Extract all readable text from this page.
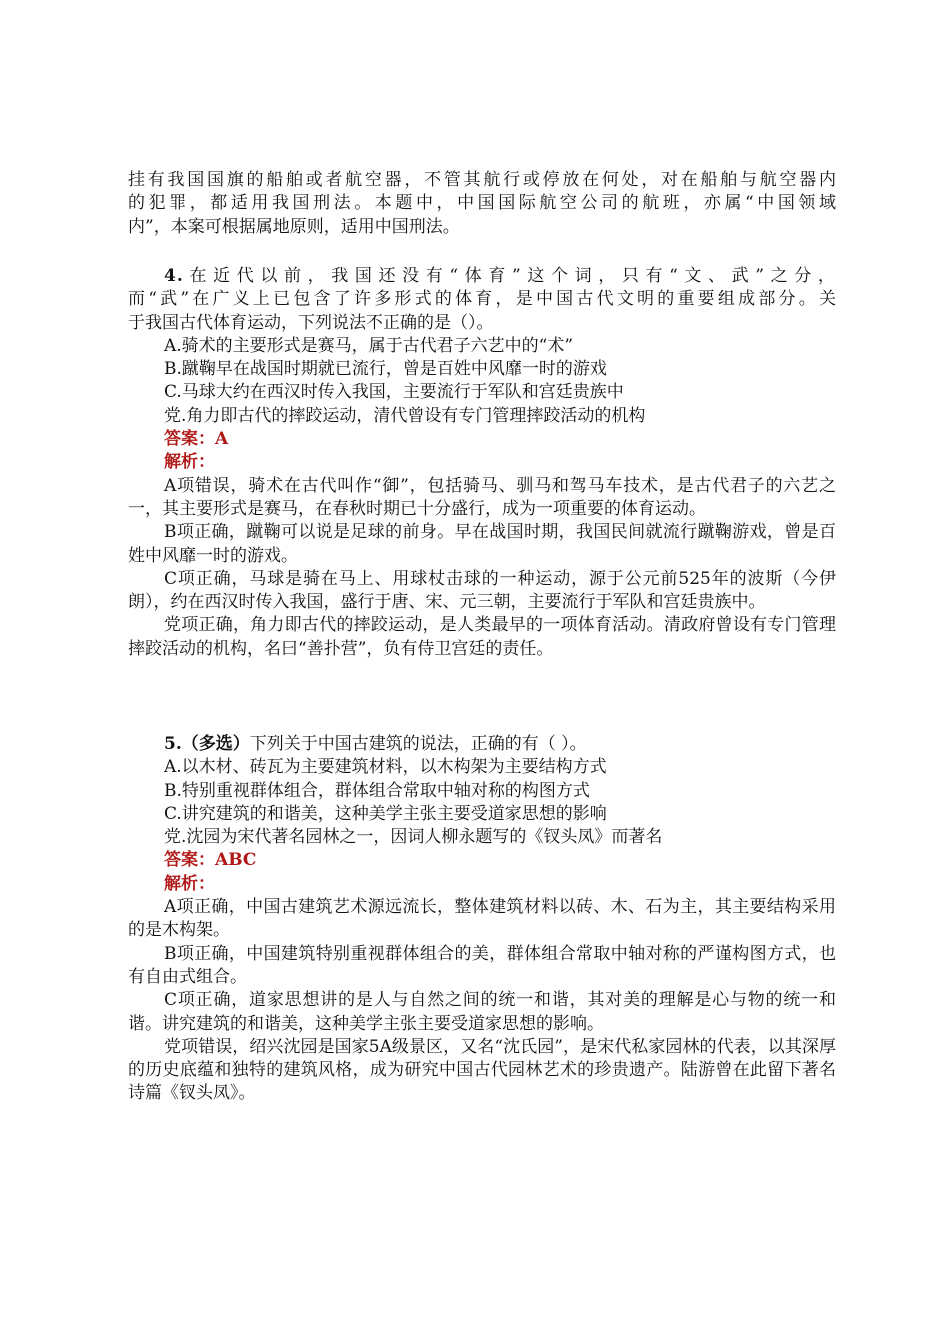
挂有我国国旗的船舶或者航空器，不管其航行或停放在何处，对在船舶与航空器内

的犯罪，都适用我国刑法。本题中，中国国际航空公司的航班，亦属“中国领域

内”，本案可根据属地原则，适用中国刑法。

4.在近代以前，我国还没有“体育”这个词，只有“文、武”之分，

而“武”在广义上已包含了许多形式的体育，是中国古代文明的重要组成部分。关

于我国古代体育运动，下列说法不正确的是（）。

A.骑术的主要形式是赛马，属于古代君子六艺中的“术”

B.蹴鞠早在战国时期就已流行，曾是百姓中风靡一时的游戏

C.马球大约在西汉时传入我国，主要流行于军队和宫廷贵族中

党.角力即古代的摔跤运动，清代曾设有专门管理摔跤活动的机构

答案：A

解析：

A项错误，骑术在古代叫作“御”，包括骑马、驯马和驾马车技术，是古代君子的六艺之一，其主要形式是赛马，在春秋时期已十分盛行，成为一项重要的体育运动。

B项正确，蹴鞠可以说是足球的前身。早在战国时期，我国民间就流行蹴鞠游戏，曾是百姓中风靡一时的游戏。

C项正确，马球是骑在马上、用球杖击球的一种运动，源于公元前525年的波斯（今伊朗），约在西汉时传入我国，盛行于唐、宋、元三朝，主要流行于军队和宫廷贵族中。

党项正确，角力即古代的摔跤运动，是人类最早的一项体育活动。清政府曾设有专门管理摔跤活动的机构，名曰“善扑营”，负有侍卫宫廷的责任。

5.（多选）下列关于中国古建筑的说法，正确的有（ ）。

A.以木材、砖瓦为主要建筑材料，以木构架为主要结构方式

B.特别重视群体组合，群体组合常取中轴对称的构图方式

C.讲究建筑的和谐美，这种美学主张主要受道家思想的影响

党.沈园为宋代著名园林之一，因词人柳永题写的《钗头凤》而著名

答案：ABC

解析：

A项正确，中国古建筑艺术源远流长，整体建筑材料以砖、木、石为主，其主要结构采用的是木构架。

B项正确，中国建筑特别重视群体组合的美，群体组合常取中轴对称的严谨构图方式，也有自由式组合。

C项正确，道家思想讲的是人与自然之间的统一和谐，其对美的理解是心与物的统一和谐。讲究建筑的和谐美，这种美学主张主要受道家思想的影响。

党项错误，绍兴沈园是国家5A级景区，又名“沈氏园”，是宋代私家园林的代表，以其深厚的历史底蕴和独特的建筑风格，成为研究中国古代园林艺术的珍贵遗产。陆游曾在此留下著名诗篇《钗头凤》。
